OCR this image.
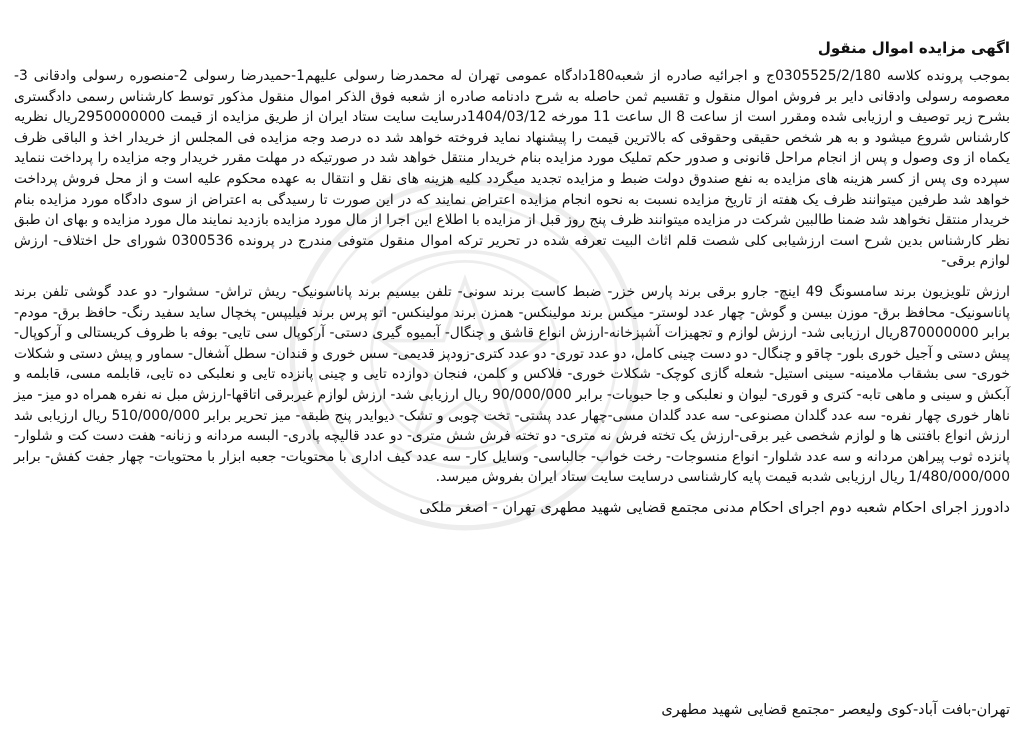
اگهی مزایده اموال منقول

بموجب پرونده کلاسه 0305525/2/180ج و اجرائیه صادره از شعبه180دادگاه عمومی تهران له محمدرضا رسولی علیهم1-حمیدرضا رسولی 2-منصوره رسولی وادقانی 3-معصومه رسولی وادقانی دایر بر فروش اموال منقول و تقسیم ثمن حاصله به شرح دادنامه صادره از شعبه فوق الذکر اموال منقول مذکور توسط کارشناس رسمی دادگستری بشرح زیر توصیف و ارزیابی شده ومقرر است از ساعت 8 ال ساعت 11 مورخه 1404/03/12درسایت سایت ستاد ایران از طریق مزایده از قیمت 2950000000ریال نظریه کارشناس شروع میشود و به هر شخص حقیقی وحقوقی که بالاترین قیمت را پیشنهاد نماید فروخته خواهد شد ده درصد وجه مزایده فی المجلس از خریدار اخذ و الباقی ظرف یکماه از وی وصول و پس از انجام مراحل قانونی و صدور حکم تملیک مورد مزایده بنام خریدار منتقل خواهد شد در صورتیکه در مهلت مقرر خریدار وجه مزایده را پرداخت ننماید سپرده وی پس از کسر هزینه های مزایده به نفع صندوق دولت ضبط و مزایده تجدید میگردد کلیه هزینه های نقل و انتقال به عهده محکوم علیه است و از محل فروش پرداخت خواهد شد طرفین میتوانند ظرف یک هفته از تاریخ مزایده نسبت به نحوه انجام مزایده اعتراض نمایند که در این صورت تا رسیدگی به اعتراض از سوی دادگاه مورد مزایده بنام خریدار منتقل نخواهد شد ضمنا طالبین شرکت در مزایده میتوانند ظرف پنج روز قبل از مزایده با اطلاع این اجرا از مال مورد مزایده بازدید نمایند مال مورد مزایده و بهای ان طبق نظر کارشناس بدین شرح است ارزشیابی کلی شصت قلم اثاث البیت تعرفه شده در تحریر ترکه اموال منقول متوفی مندرج در پرونده 0300536 شورای حل اختلاف- ارزش لوازم برقی-

ارزش تلویزیون برند سامسونگ 49 اینچ- جارو برقی برند پارس خزر- ضبط کاست برند سونی- تلفن بیسیم برند پاناسونیک- ریش تراش- سشوار- دو عدد گوشی تلفن برند پاناسونیک- محافظ برق- موزن بیسن و گوش- چهار عدد لوستر- میکس برند مولینکس- همزن برند مولینکس- اتو پرس برند فیلیپس- پخچال ساید سفید رنگ- حافظ برق- مودم- برابر 870000000ریال ارزیابی شد- ارزش لوازم و تجهیزات آشپزخانه-ارزش انواع قاشق و چنگال- آبمیوه گیری دستی- آرکوپال سی تایی- بوفه با ظروف کریستالی و آرکوپال- پیش دستی و آجیل خوری بلور- چاقو و چنگال- دو دست چینی کامل، دو عدد توری- دو عدد کتری-زودپز قدیمی- سس خوری و قندان- سطل آشغال- سماور و پیش دستی و شکلات خوری- سی بشقاب ملامینه- سینی استیل- شعله گازی کوچک- شکلات خوری- فلاکس و کلمن، فنجان دوازده تایی و چینی پانزده تایی و نعلبکی ده تایی، قابلمه مسی، قابلمه و آبکش و سینی و ماهی تابه- کتری و قوری- لیوان و نعلبکی و جا حبوبات- برابر 90/000/000 ریال ارزیابی شد- ارزش لوازم غیربرقی اتاقها-ارزش مبل نه نفره همراه دو میز- میز ناهار خوری چهار نفره- سه عدد گلدان مصنوعی- سه عدد گلدان مسی-چهار عدد پشتی- تخت چوبی و تشک- دیوایدر پنج طبقه- میز تحریر برابر 510/000/000 ریال ارزیابی شد ارزش انواع بافتنی ها و لوازم شخصی غیر برقی-ارزش یک تخته فرش نه متری- دو تخته فرش شش متری- دو عدد قالیچه پادری- البسه مردانه و زنانه- هفت دست کت و شلوار-پانزده ثوب پیراهن مردانه و سه عدد شلوار- انواع منسوجات- رخت خواب- جالباسی- وسایل کار- سه عدد کیف اداری با محتویات- جعبه ابزار با محتویات- چهار جفت کفش- برابر 1/480/000/000 ریال ارزیابی شدبه قیمت پایه کارشناسی درسایت سایت ستاد ایران بفروش میرسد.

دادورز اجرای احکام شعبه دوم اجرای احکام مدنی مجتمع قضایی شهید مطهری تهران - اصغر ملکی
تهران-بافت آباد-کوی ولیعصر -مجتمع قضایی شهید مطهری
